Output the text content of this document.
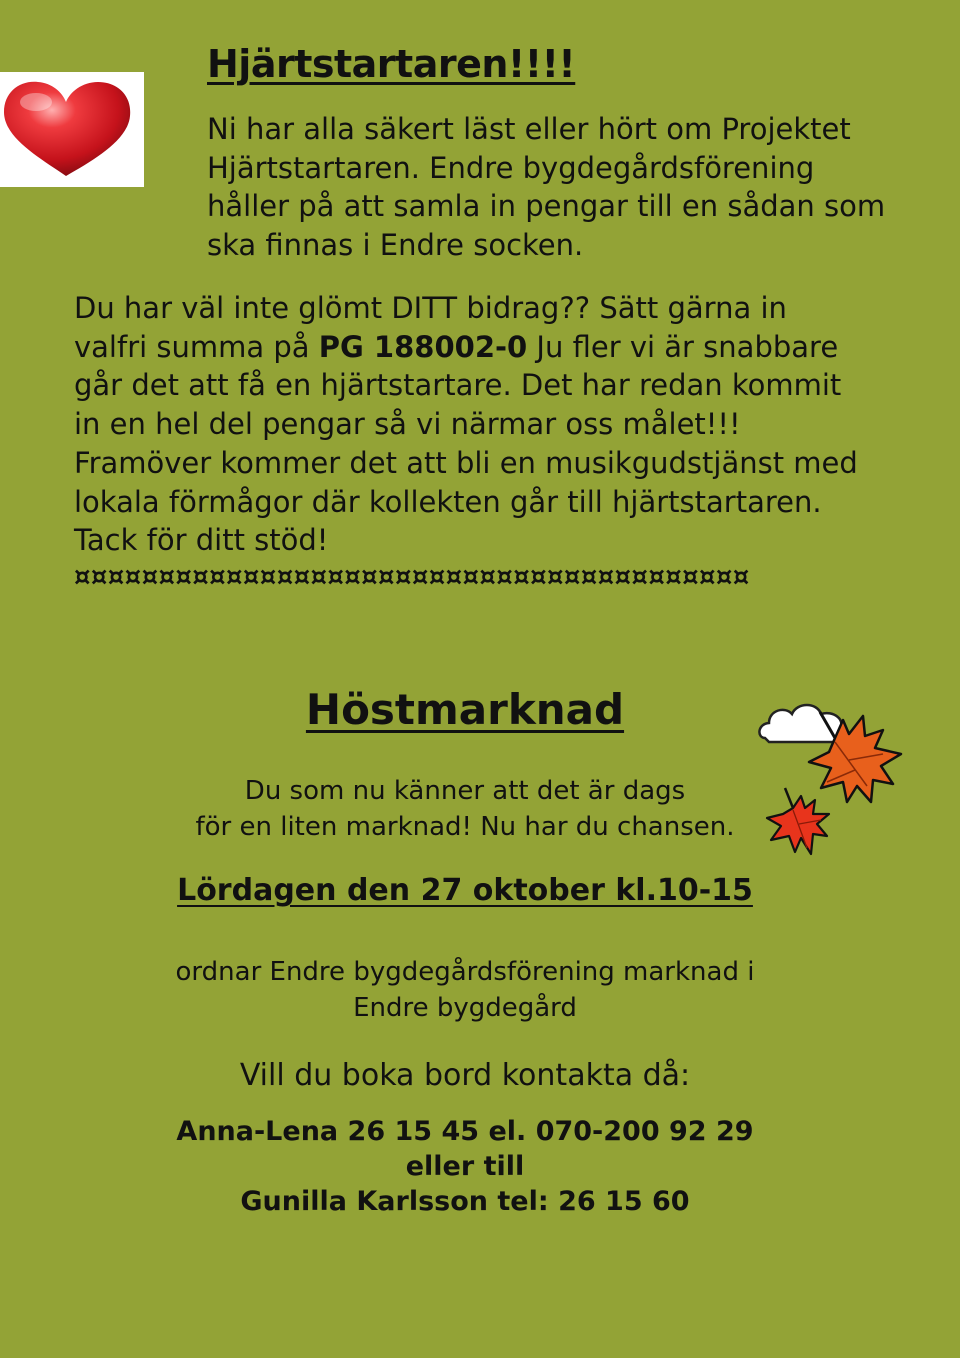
Hjärtstartaren!!!!
Ni har alla säkert läst eller hört om Projektet
Hjärtstartaren. Endre bygdegårdsförening
håller på att samla in pengar till en sådan som
ska finnas i Endre socken.
Du har väl inte glömt DITT bidrag?? Sätt gärna in
valfri summa på PG 188002-0 Ju fler vi är snabbare
går det att få en hjärtstartare. Det har redan kommit
in en hel del pengar så vi närmar oss målet!!!
Framöver kommer det att bli en musikgudstjänst med
lokala förmågor där kollekten går till hjärtstartaren.
Tack för ditt stöd!
¤¤¤¤¤¤¤¤¤¤¤¤¤¤¤¤¤¤¤¤¤¤¤¤¤¤¤¤¤¤¤¤¤¤¤¤¤¤¤¤
Höstmarknad
Du som nu känner att det är dags
för en liten marknad! Nu har du chansen.
Lördagen den 27 oktober kl.10-15
ordnar Endre bygdegårdsförening marknad i
Endre bygdegård
Vill du boka bord kontakta då:
Anna-Lena 26 15 45 el. 070-200 92 29
eller till
Gunilla Karlsson tel: 26 15 60
